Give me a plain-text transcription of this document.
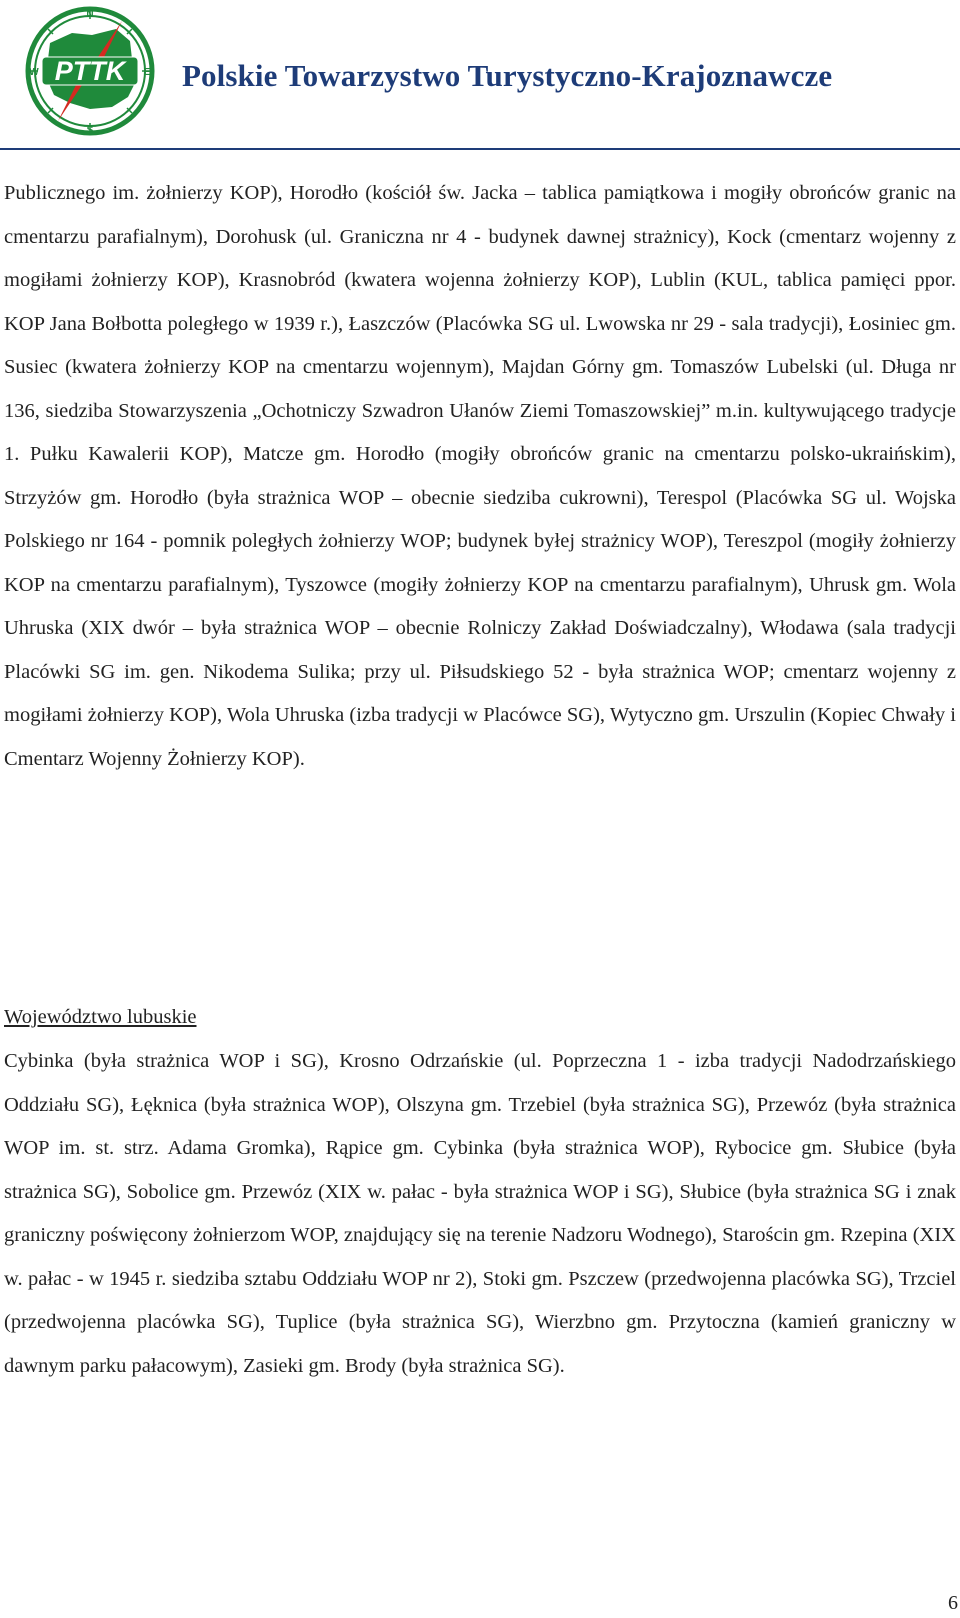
PTTK
N
S
W	E Polskie Towarzystwo Turystyczno-Krajoznawcze

Publicznego im. żołnierzy KOP), Horodło (kościół św. Jacka – tablica pamiątkowa i mogiły obrońców granic na cmentarzu parafialnym), Dorohusk (ul. Graniczna nr 4 - budynek dawnej strażnicy), Kock (cmentarz wojenny z mogiłami żołnierzy KOP), Krasnobród (kwatera wojenna żołnierzy KOP), Lublin (KUL, tablica pamięci ppor. KOP Jana Bołbotta poległego w 1939 r.), Łaszczów (Placówka SG ul. Lwowska nr 29 - sala tradycji), Łosiniec gm. Susiec (kwatera żołnierzy KOP na cmentarzu wojennym), Majdan Górny gm. Tomaszów Lubelski (ul. Długa nr 136, siedziba Stowarzyszenia „Ochotniczy Szwadron Ułanów Ziemi Tomaszowskiej” m.in. kultywującego tradycje 1. Pułku Kawalerii KOP), Matcze gm. Horodło (mogiły obrońców granic na cmentarzu polsko-ukraińskim), Strzyżów gm. Horodło (była strażnica WOP – obecnie siedziba cukrowni), Terespol (Placówka SG ul. Wojska Polskiego nr 164 - pomnik poległych żołnierzy WOP; budynek byłej strażnicy WOP), Tereszpol (mogiły żołnierzy KOP na cmentarzu parafialnym), Tyszowce (mogiły żołnierzy KOP na cmentarzu parafialnym), Uhrusk gm. Wola Uhruska (XIX dwór – była strażnica WOP – obecnie Rolniczy Zakład Doświadczalny), Włodawa (sala tradycji Placówki SG im. gen. Nikodema Sulika; przy ul. Piłsudskiego 52 - była strażnica WOP; cmentarz wojenny z mogiłami żołnierzy KOP), Wola Uhruska (izba tradycji w Placówce SG), Wytyczno gm. Urszulin (Kopiec Chwały i Cmentarz Wojenny Żołnierzy KOP).

Województwo lubuskie

Cybinka (była strażnica WOP i SG), Krosno Odrzańskie (ul. Poprzeczna 1 - izba tradycji Nadodrzańskiego Oddziału SG), Łęknica (była strażnica WOP), Olszyna gm. Trzebiel (była strażnica SG), Przewóz (była strażnica WOP im. st. strz. Adama Gromka), Rąpice gm. Cybinka (była strażnica WOP), Rybocice gm. Słubice (była strażnica SG), Sobolice gm. Przewóz (XIX w. pałac - była strażnica WOP i SG), Słubice (była strażnica SG i znak graniczny poświęcony żołnierzom WOP, znajdujący się na terenie Nadzoru Wodnego), Starościn gm. Rzepina (XIX w. pałac - w 1945 r. siedziba sztabu Oddziału WOP nr 2), Stoki gm. Pszczew (przedwojenna placówka SG), Trzciel (przedwojenna placówka SG), Tuplice (była strażnica SG), Wierzbno gm. Przytoczna (kamień graniczny w dawnym parku pałacowym), Zasieki gm. Brody (była strażnica SG).

6
